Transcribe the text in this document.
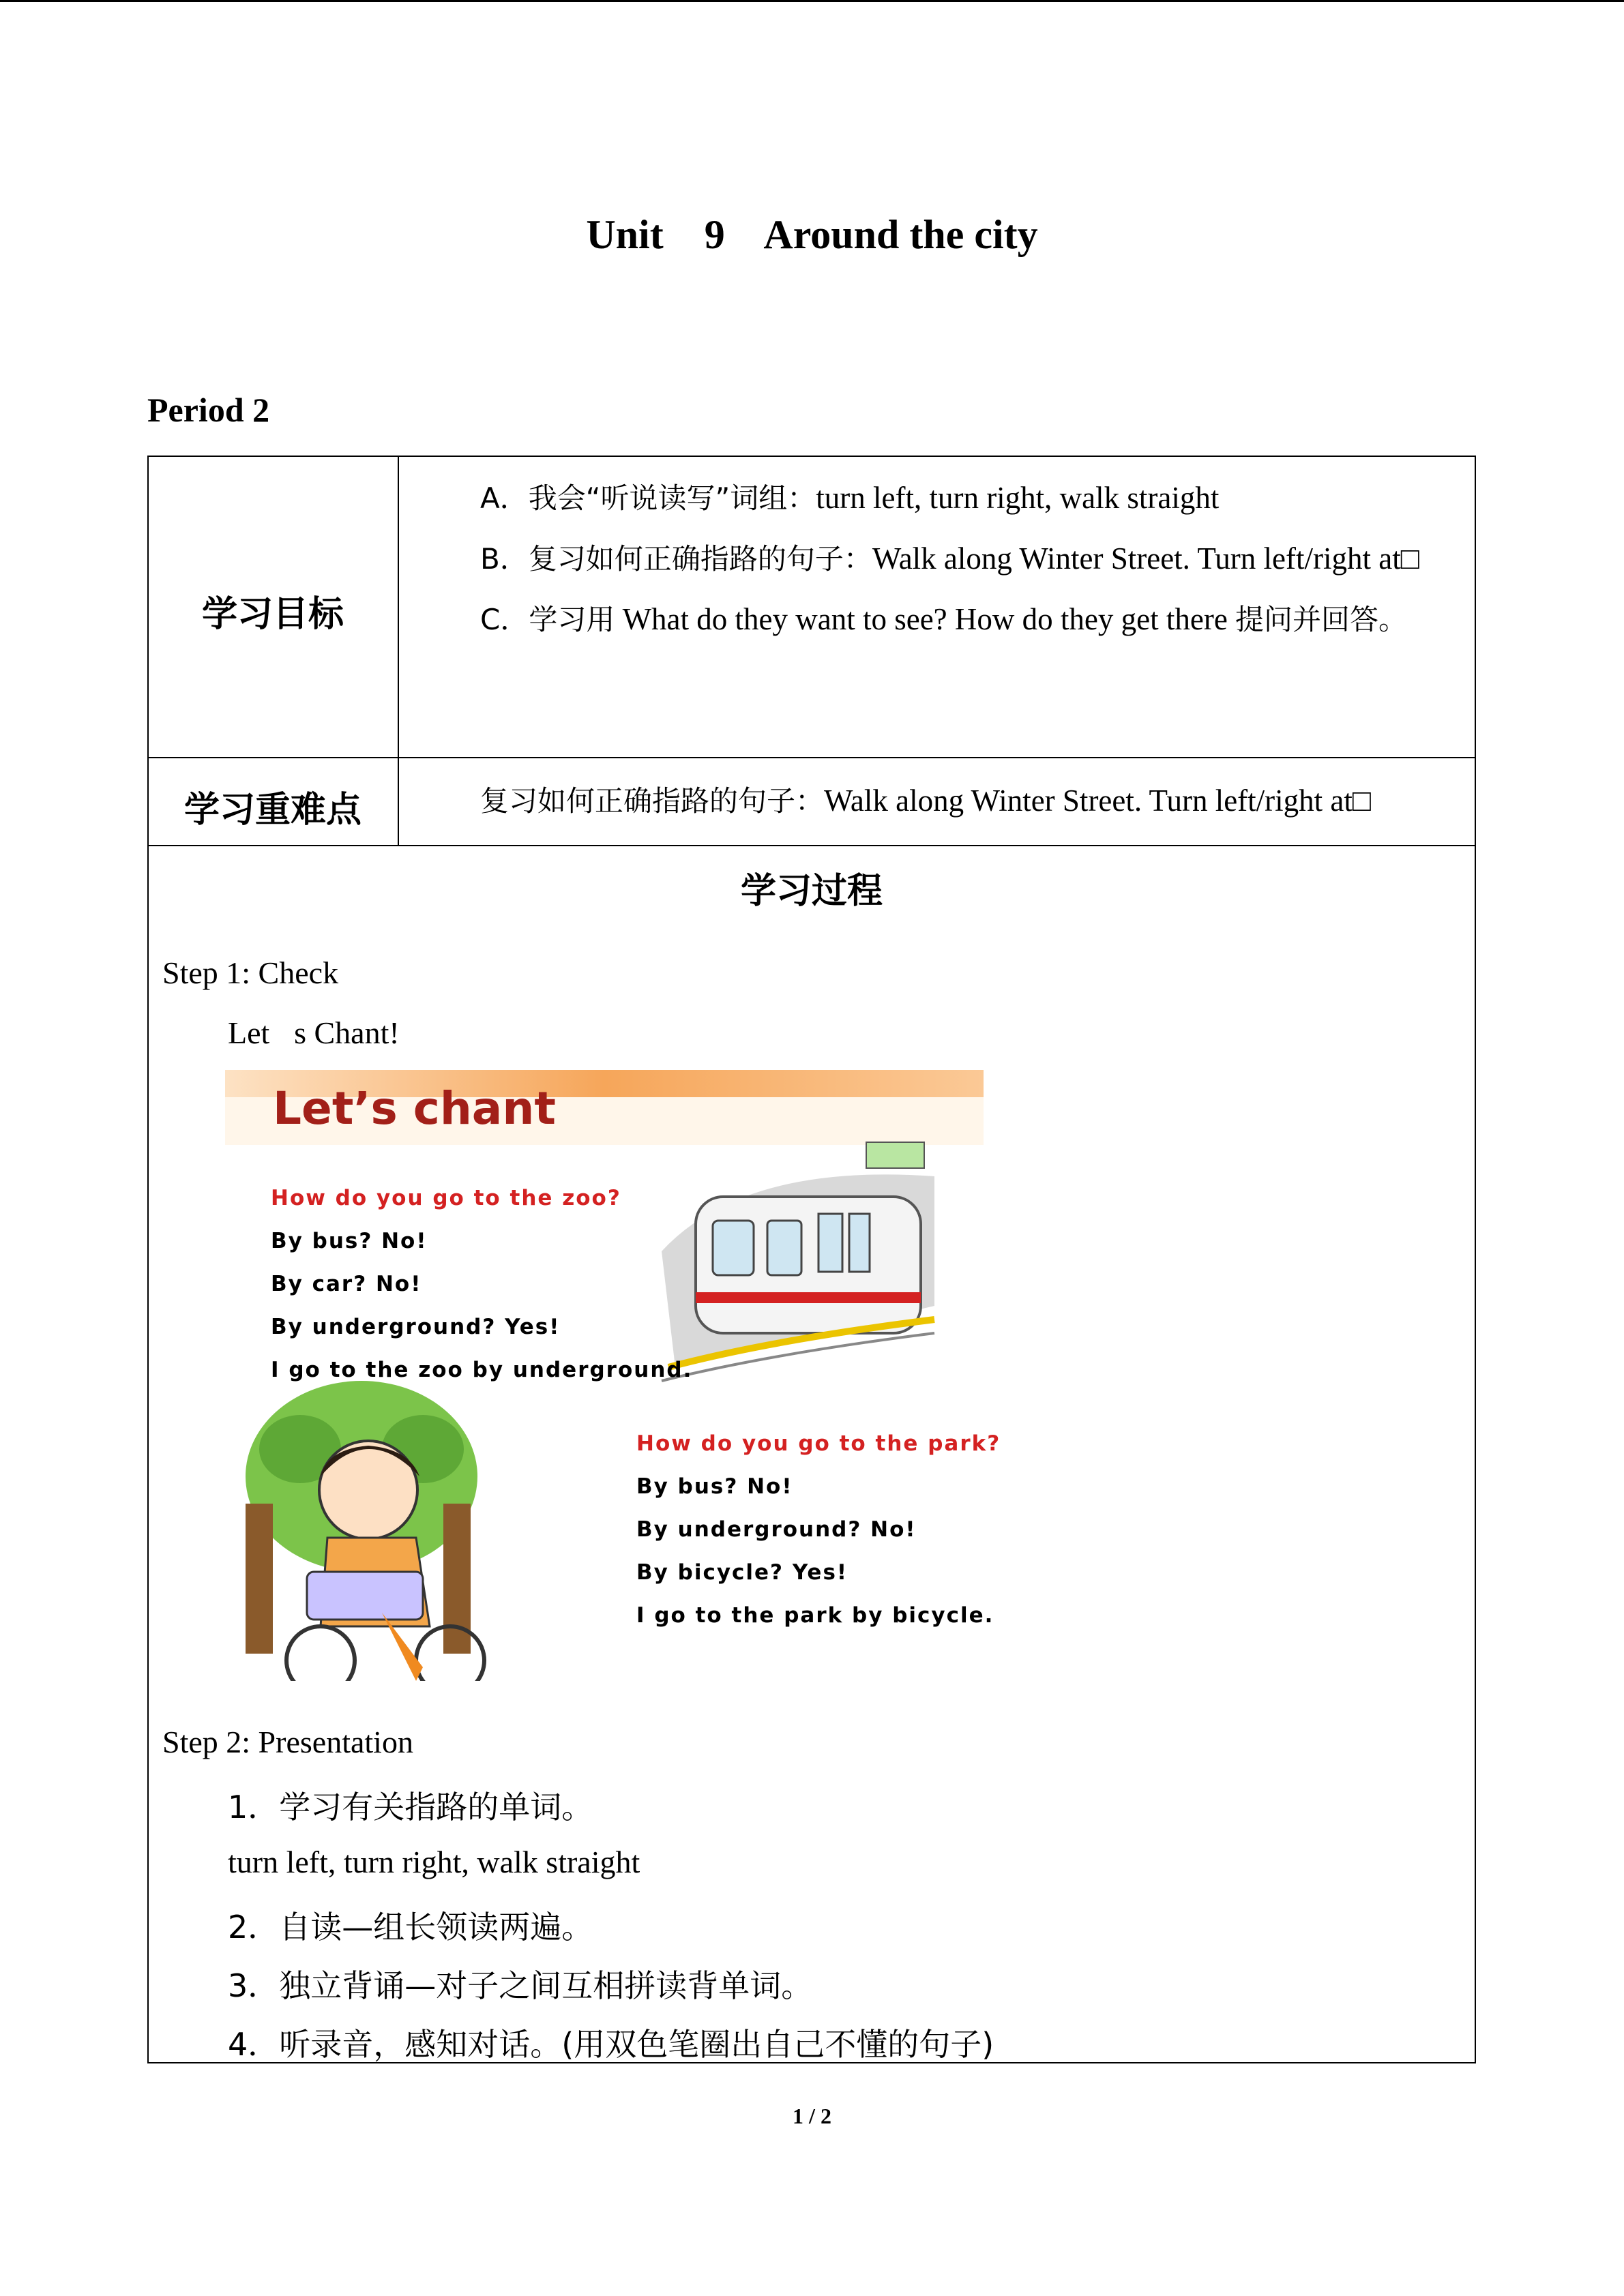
Unit    9    Around the city
Period 2
学习目标

A．我会“听说读写”词组：turn left, turn right, walk straight

B．复习如何正确指路的句子：Walk along Winter Street. Turn left/right at□

C．学习用 What do they want to see? How do they get there 提问并回答。

学习重难点	复习如何正确指路的句子：Walk along Winter Street. Turn left/right at□

学习过程
Step 1: Check
Let s Chant!
Let’s chant
How do you go to the zoo?
By bus? No!
By car? No!
By underground? Yes!
I go to the zoo by underground.
How do you go to the park?
By bus? No!
By underground? No!
By bicycle? Yes!
I go to the park by bicycle.
Step 2: Presentation
1．学习有关指路的单词。
turn left, turn right, walk straight
2．自读—组长领读两遍。
3．独立背诵—对子之间互相拼读背单词。
4．听录音，感知对话。(用双色笔圈出自己不懂的句子)
1 / 2
